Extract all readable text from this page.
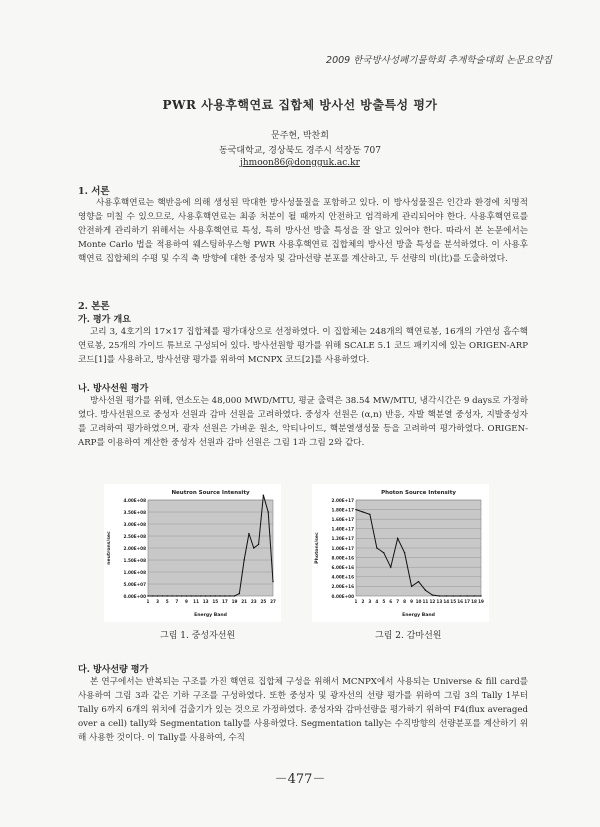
2009 한국방사성폐기물학회 추계학술대회 논문요약집
PWR 사용후핵연료 집합체 방사선 방출특성 평가
문주현, 박찬희
동국대학교, 경상북도 경주시 석장동 707
jhmoon86@dongguk.ac.kr
1. 서론

사용후핵연료는 핵반응에 의해 생성된 막대한 방사성물질을 포함하고 있다. 이 방사성물질은 인간과 환경에 치명적 영향을 미칠 수 있으므로, 사용후핵연료는 최종 처분이 될 때까지 안전하고 엄격하게 관리되어야 한다. 사용후핵연료를 안전하게 관리하기 위해서는 사용후핵연료 특성, 특히 방사선 방출 특성을 잘 알고 있어야 한다. 따라서 본 논문에서는 Monte Carlo 법을 적용하여 웨스팅하우스형 PWR 사용후핵연료 집합체의 방사선 방출 특성을 분석하였다. 이 사용후핵연료 집합체의 수평 및 수직 축 방향에 대한 중성자 및 감마선량 분포를 계산하고, 두 선량의 비(比)를 도출하였다.

2. 본론
가. 평가 개요

고리 3, 4호기의 17×17 집합체를 평가대상으로 선정하였다. 이 집합체는 248개의 핵연료봉, 16개의 가연성 흡수핵연료봉, 25개의 가이드 튜브로 구성되어 있다. 방사선원항 평가를 위해 SCALE 5.1 코드 패키지에 있는 ORIGEN-ARP 코드[1]를 사용하고, 방사선량 평가를 위하여 MCNPX 코드[2]를 사용하였다.

나. 방사선원 평가

방사선원 평가를 위해, 연소도는 48,000 MWD/MTU, 평균 출력은 38.54 MW/MTU, 냉각시간은 9 days로 가정하였다. 방사선원으로 중성자 선원과 감마 선원을 고려하였다. 중성자 선원은 (α,n) 반응, 자발 핵분열 중성자, 지발중성자를 고려하여 평가하였으며, 광자 선원은 가벼운 원소, 악티나이드, 핵분열생성물 등을 고려하여 평가하였다. ORIGEN-ARP를 이용하여 계산한 중성자 선원과 감마 선원은 그림 1과 그림 2와 같다.

Neutron Source Intensity
0.00E+00
5.00E+07
1.00E+08
1.50E+08
2.00E+08
2.50E+08
3.00E+08
3.50E+08
4.00E+08
1 3 5 7 9 11 13 15 17 19 21 23 25 27
Energy Band
neutrons/sec
그림 1. 중성자선원
Photon Source Intensity
0.00E+00
2.00E+16
4.00E+16
6.00E+16
8.00E+16
1.00E+17
1.20E+17
1.40E+17
1.60E+17
1.80E+17
2.00E+17
1 2 3 4 5 6 7 8 9 10 11 12 13 14 15 16 17 18 19
Energy Band
Photons/sec
그림 2. 감마선원
다. 방사선량 평가

본 연구에서는 반복되는 구조를 가진 핵연료 집합체 구성을 위해서 MCNPX에서 사용되는 Universe & fill card를 사용하여 그림 3과 같은 기하 구조를 구성하였다. 또한 중성자 및 광자선의 선량 평가를 위하여 그림 3의 Tally 1부터 Tally 6까지 6개의 위치에 검출기가 있는 것으로 가정하였다. 중성자와 감마선량을 평가하기 위하여 F4(flux averaged over a cell) tally와 Segmentation tally를 사용하였다. Segmentation tally는 수직방향의 선량분포를 계산하기 위해 사용한 것이다. 이 Tally를 사용하여, 수직

－477－
